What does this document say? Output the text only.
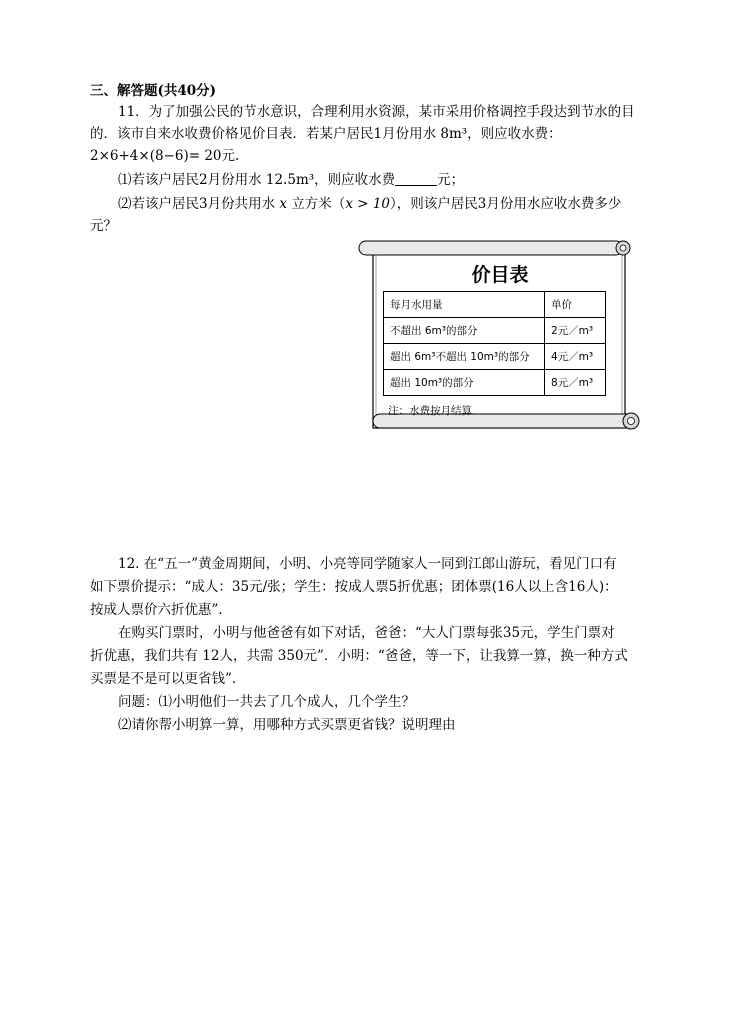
三、解答题(共40分)
11．为了加强公民的节水意识，合理利用水资源，某市采用价格调控手段达到节水的目
的．该市自来水收费价格见价目表．若某户居民1月份用水 8m³，则应收水费：
2×6+4×(8−6)= 20元.
⑴若该户居民2月份用水 12.5m³，则应收水费	元；
⑵若该户居民3月份共用水 x 立方米（x > 10），则该户居民3月份用水应收水费多少
元？
价目表
每月水用量	单价
不超出 6m³的部分	2元／m³
超出 6m³不超出 10m³的部分	4元／m³
超出 10m³的部分	8元／m³
注：水费按月结算．
12. 在“五一”黄金周期间，小明、小亮等同学随家人一同到江郎山游玩，看见门口有
如下票价提示：“成人：35元/张；学生：按成人票5折优惠；团体票(16人以上含16人)：
按成人票价六折优惠”．
在购买门票时，小明与他爸爸有如下对话，爸爸：“大人门票每张35元，学生门票对
折优惠，我们共有 12人，共需 350元”．小明：“爸爸，等一下，让我算一算，换一种方式
买票是不是可以更省钱”．
问题：⑴小明他们一共去了几个成人，几个学生？
⑵请你帮小明算一算，用哪种方式买票更省钱？说明理由
